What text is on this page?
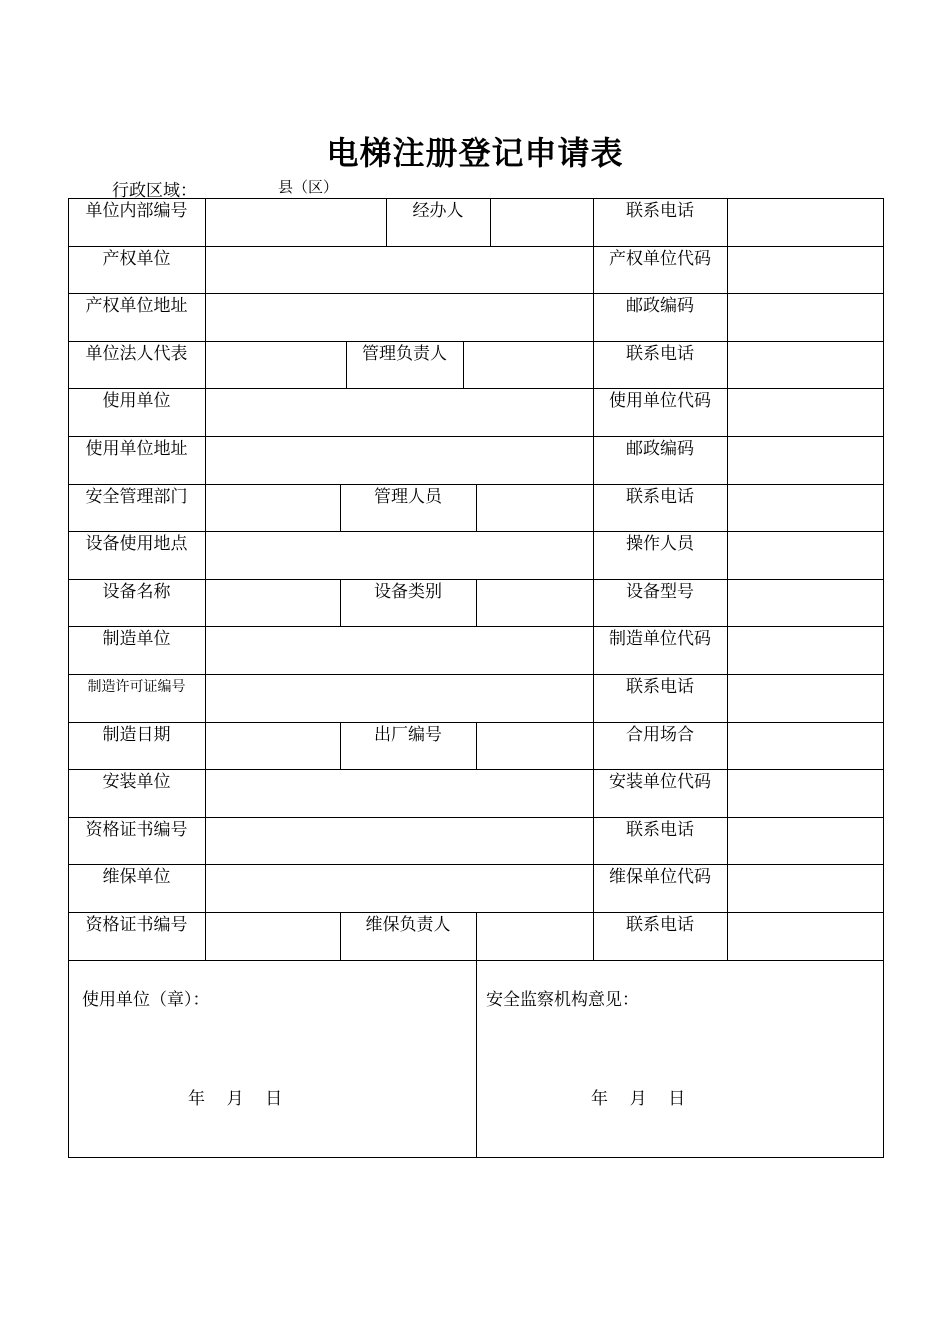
电梯注册登记申请表
行政区域：	县（区）
单位内部编号	经办人	联系电话
产权单位	产权单位代码
产权单位地址	邮政编码
单位法人代表	管理负责人	联系电话
使用单位	使用单位代码
使用单位地址	邮政编码
安全管理部门	管理人员	联系电话
设备使用地点	操作人员
设备名称	设备类别	设备型号
制造单位	制造单位代码
制造许可证编号	联系电话
制造日期	出厂编号	合用场合
安装单位	安装单位代码
资格证书编号	联系电话
维保单位	维保单位代码
资格证书编号	维保负责人	联系电话
使用单位（章）：	安全监察机构意见：
年    月    日	年    月    日
